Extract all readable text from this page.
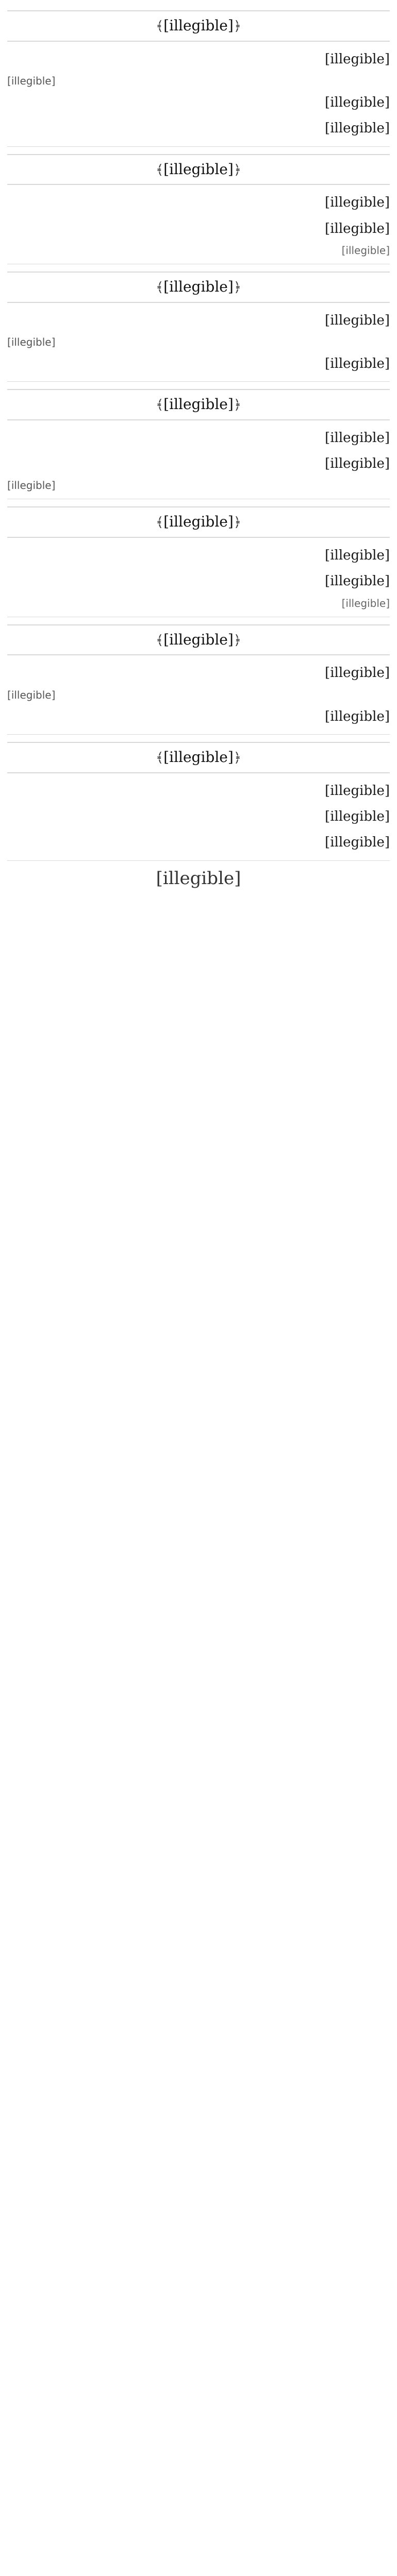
﴿[illegible]﴾

[illegible]

[illegible]

[illegible]

[illegible]

﴿[illegible]﴾

[illegible]

[illegible]

[illegible]
﴿[illegible]﴾

[illegible]

[illegible]

[illegible]

﴿[illegible]﴾

[illegible]

[illegible]

[illegible]
﴿[illegible]﴾

[illegible]

[illegible]

[illegible]
﴿[illegible]﴾

[illegible]

[illegible]

[illegible]

﴿[illegible]﴾

[illegible]

[illegible]

[illegible]

[illegible]
